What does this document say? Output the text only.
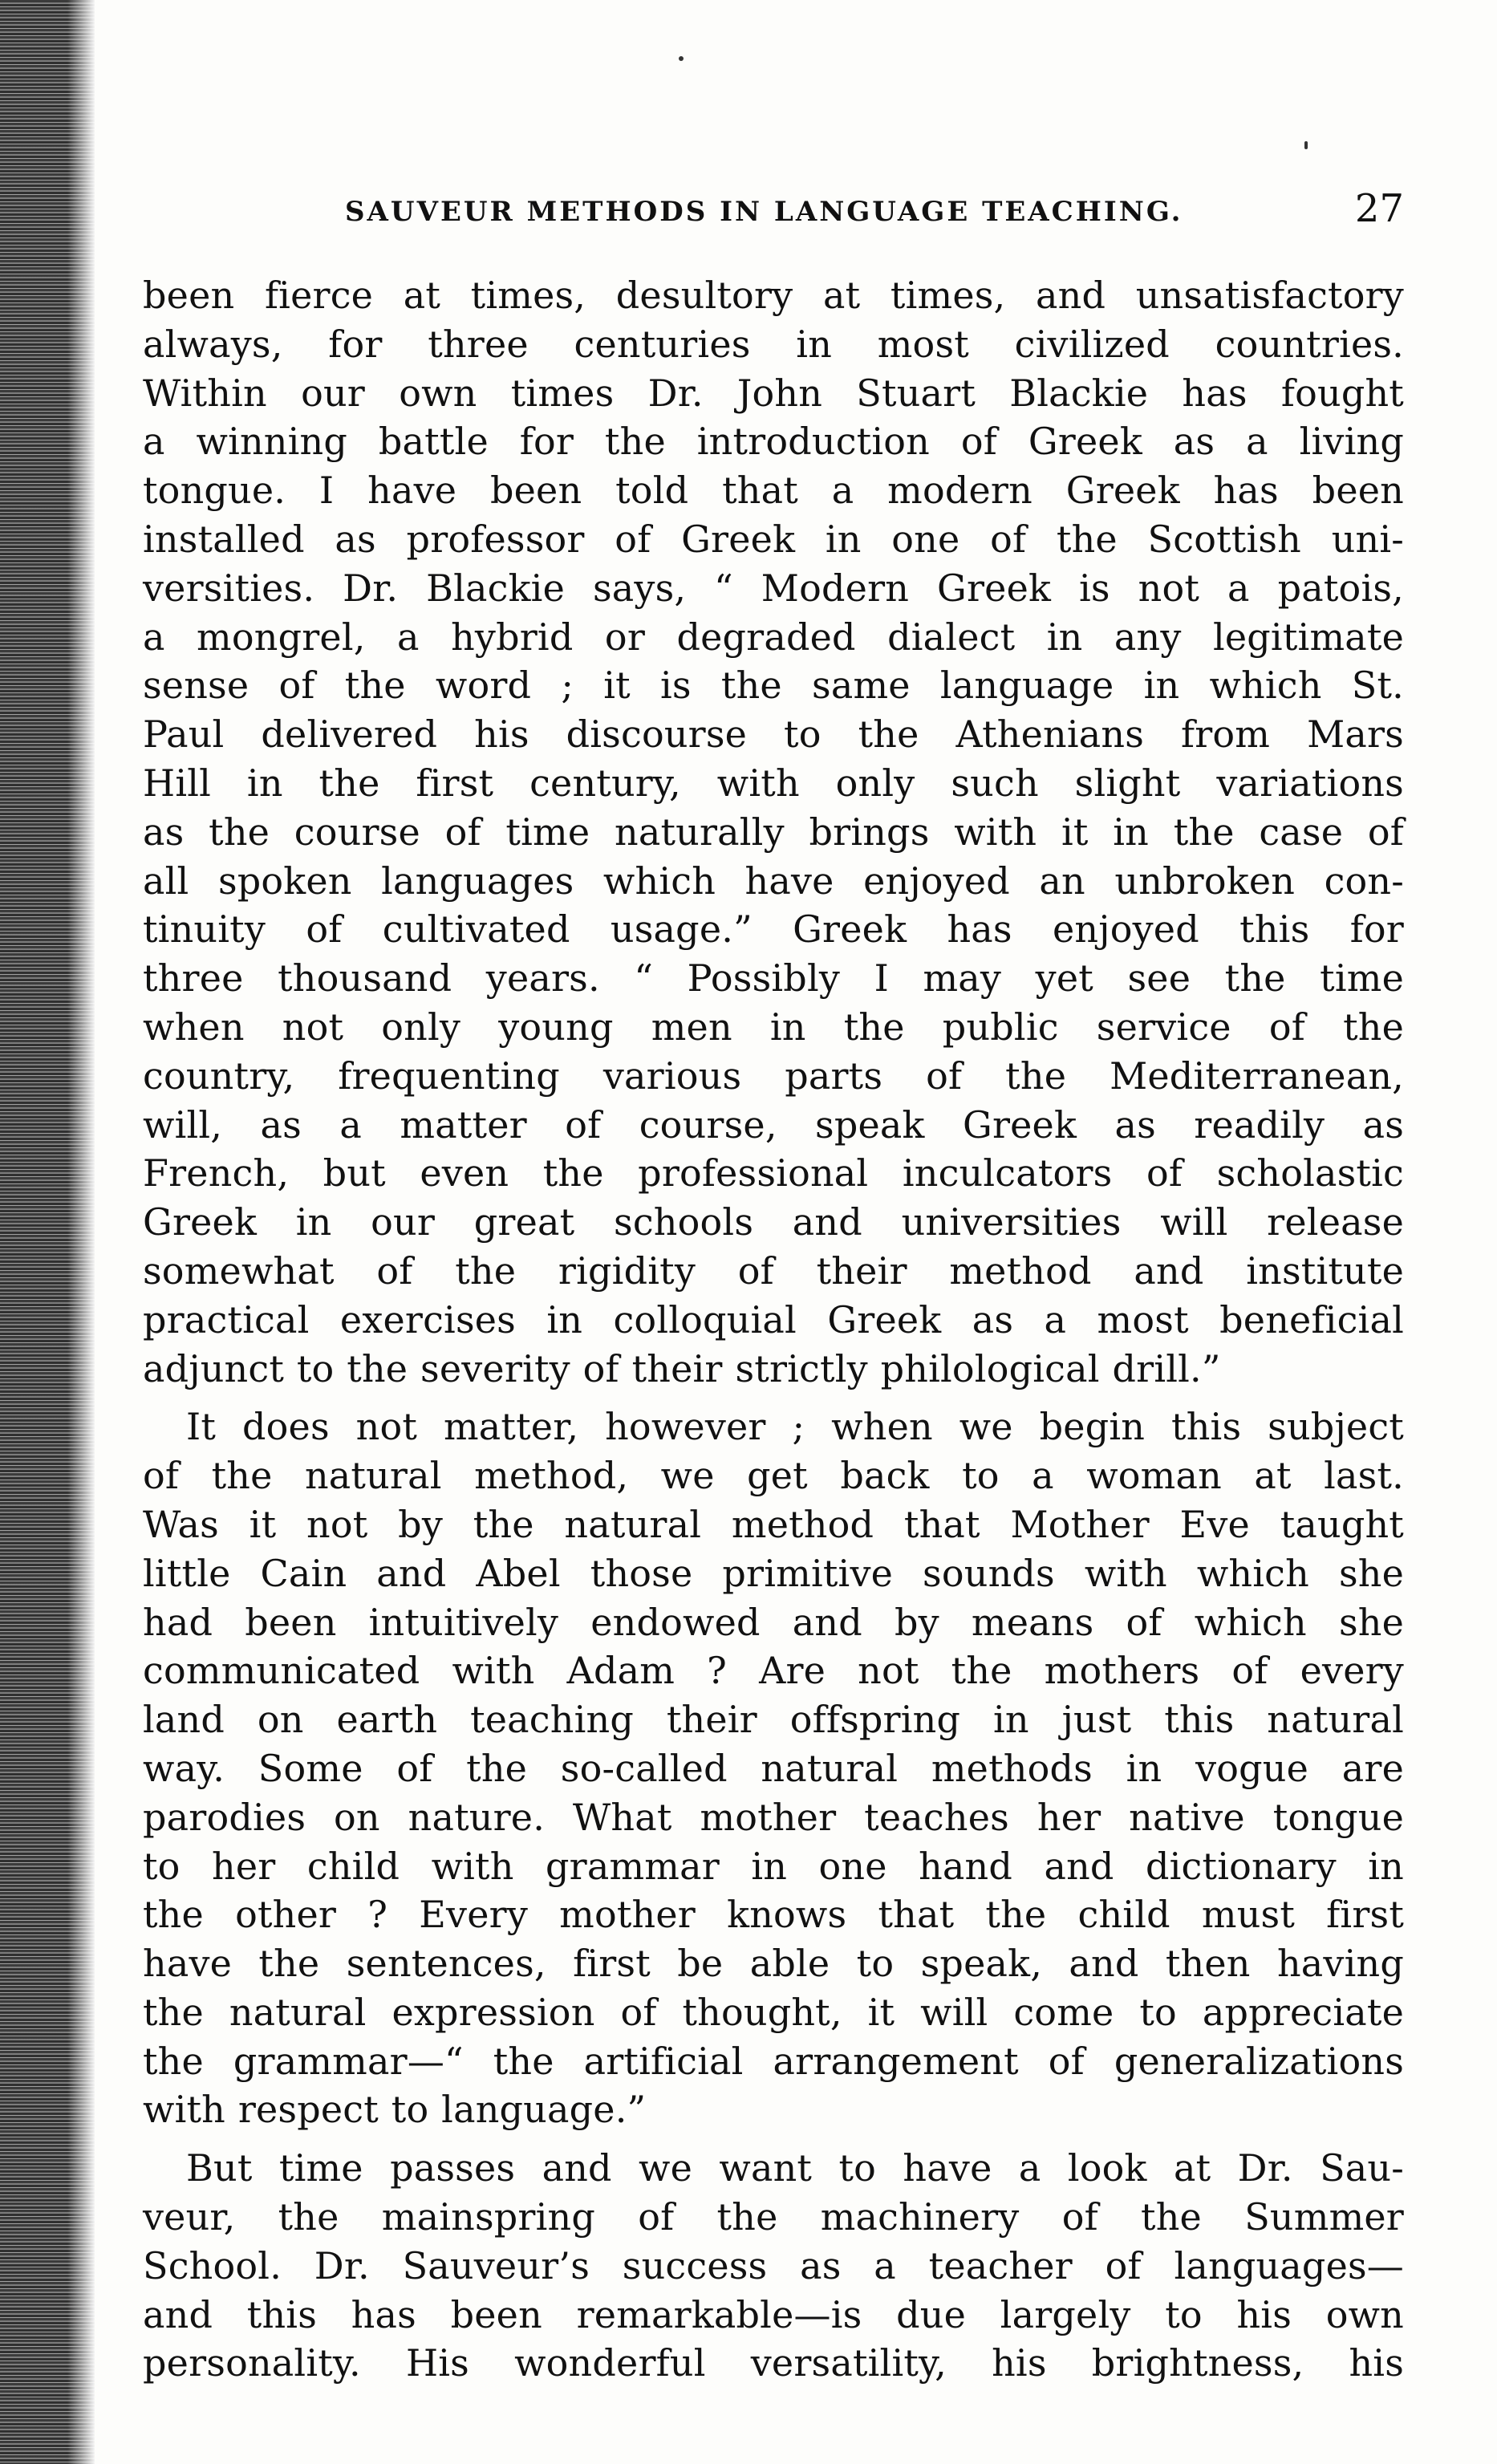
SAUVEUR METHODS IN LANGUAGE TEACHING.	27
been fierce at times, desultory at times, and unsatisfactory
always, for three centuries in most civilized countries.
Within our own times Dr. John Stuart Blackie has fought
a winning battle for the introduction of Greek as a living
tongue. I have been told that a modern Greek has been
installed as professor of Greek in one of the Scottish uni-
versities. Dr. Blackie says, “ Modern Greek is not a patois,
a mongrel, a hybrid or degraded dialect in any legitimate
sense of the word ; it is the same language in which St.
Paul delivered his discourse to the Athenians from Mars
Hill in the first century, with only such slight variations
as the course of time naturally brings with it in the case of
all spoken languages which have enjoyed an unbroken con-
tinuity of cultivated usage.” Greek has enjoyed this for
three thousand years. “ Possibly I may yet see the time
when not only young men in the public service of the
country, frequenting various parts of the Mediterranean,
will, as a matter of course, speak Greek as readily as
French, but even the professional inculcators of scholastic
Greek in our great schools and universities will release
somewhat of the rigidity of their method and institute
practical exercises in colloquial Greek as a most beneficial
adjunct to the severity of their strictly philological drill.”
It does not matter, however ; when we begin this subject
of the natural method, we get back to a woman at last.
Was it not by the natural method that Mother Eve taught
little Cain and Abel those primitive sounds with which she
had been intuitively endowed and by means of which she
communicated with Adam ? Are not the mothers of every
land on earth teaching their offspring in just this natural
way. Some of the so-called natural methods in vogue are
parodies on nature. What mother teaches her native tongue
to her child with grammar in one hand and dictionary in
the other ? Every mother knows that the child must first
have the sentences, first be able to speak, and then having
the natural expression of thought, it will come to appreciate
the grammar—“ the artificial arrangement of generalizations
with respect to language.”
But time passes and we want to have a look at Dr. Sau-
veur, the mainspring of the machinery of the Summer
School. Dr. Sauveur’s success as a teacher of languages—
and this has been remarkable—is due largely to his own
personality. His wonderful versatility, his brightness, his
